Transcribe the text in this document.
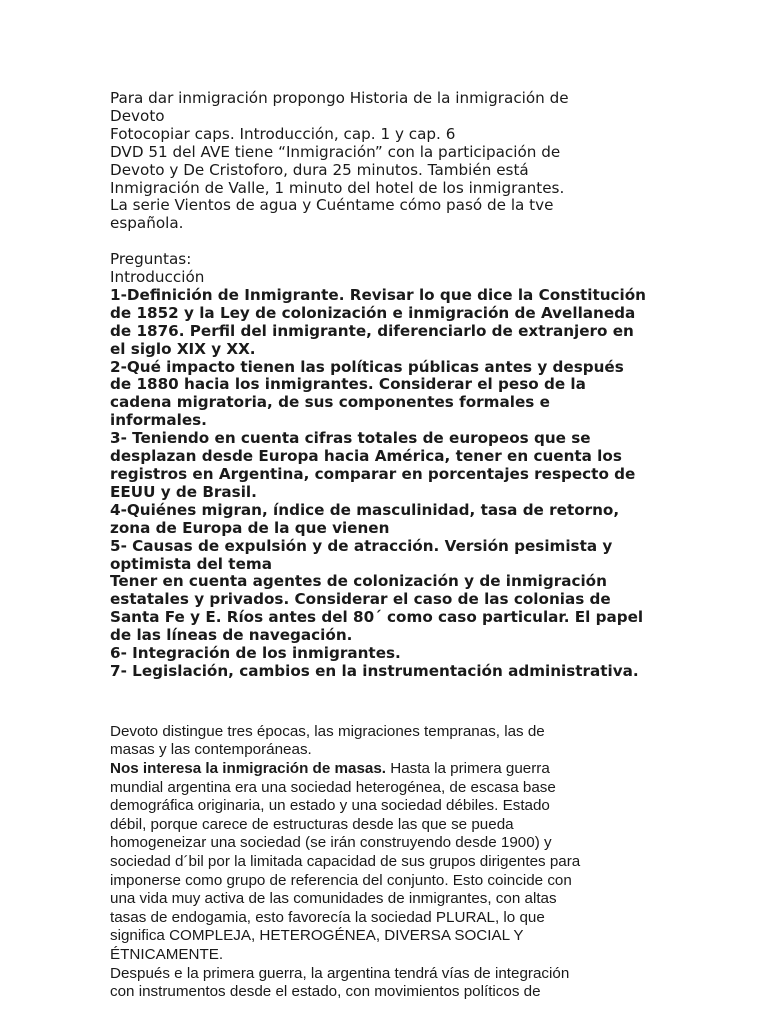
Para dar inmigración propongo Historia de la inmigración de
Devoto
Fotocopiar caps. Introducción, cap. 1 y cap. 6
DVD 51 del AVE tiene “Inmigración” con la participación de
Devoto y De Cristoforo, dura 25 minutos. También está
Inmigración de Valle, 1 minuto del hotel de los inmigrantes.
La serie Vientos de agua y Cuéntame cómo pasó de la tve
española.
Preguntas:
Introducción
1-Definición de Inmigrante. Revisar lo que dice la Constitución
de 1852 y la Ley de colonización e inmigración de Avellaneda
de 1876. Perfil del inmigrante, diferenciarlo de extranjero en
el siglo XIX y XX.
2-Qué impacto tienen las políticas públicas antes y después
de 1880 hacia los inmigrantes. Considerar el peso de la
cadena migratoria, de sus componentes formales e
informales.
3- Teniendo en cuenta cifras totales de europeos que se
desplazan desde Europa hacia América, tener en cuenta los
registros en Argentina, comparar en porcentajes respecto de
EEUU y de Brasil.
4-Quiénes migran, índice de masculinidad, tasa de retorno,
zona de Europa de la que vienen
5- Causas de expulsión y de atracción. Versión pesimista y
optimista del tema
Tener en cuenta agentes de colonización y de inmigración
estatales y privados. Considerar el caso de las colonias de
Santa Fe y E. Ríos antes del 80´ como caso particular. El papel
de las líneas de navegación.
6- Integración de los inmigrantes.
7- Legislación, cambios en la instrumentación administrativa.
Devoto distingue tres épocas, las migraciones tempranas, las de
masas y las contemporáneas.
Nos interesa la inmigración de masas. Hasta la primera guerra
mundial argentina era una sociedad heterogénea, de escasa base
demográfica originaria, un estado y una sociedad débiles. Estado
débil, porque carece de estructuras desde las que se pueda
homogeneizar una sociedad (se irán construyendo desde 1900) y
sociedad d´bil por la limitada capacidad de sus grupos dirigentes para
imponerse como grupo de referencia del conjunto. Esto coincide con
una vida muy activa de las comunidades de inmigrantes, con altas
tasas de endogamia, esto favorecía la sociedad PLURAL, lo que
significa COMPLEJA, HETEROGÉNEA, DIVERSA SOCIAL Y
ÉTNICAMENTE.
Después e la primera guerra, la argentina tendrá vías de integración
con instrumentos desde el estado, con movimientos políticos de
